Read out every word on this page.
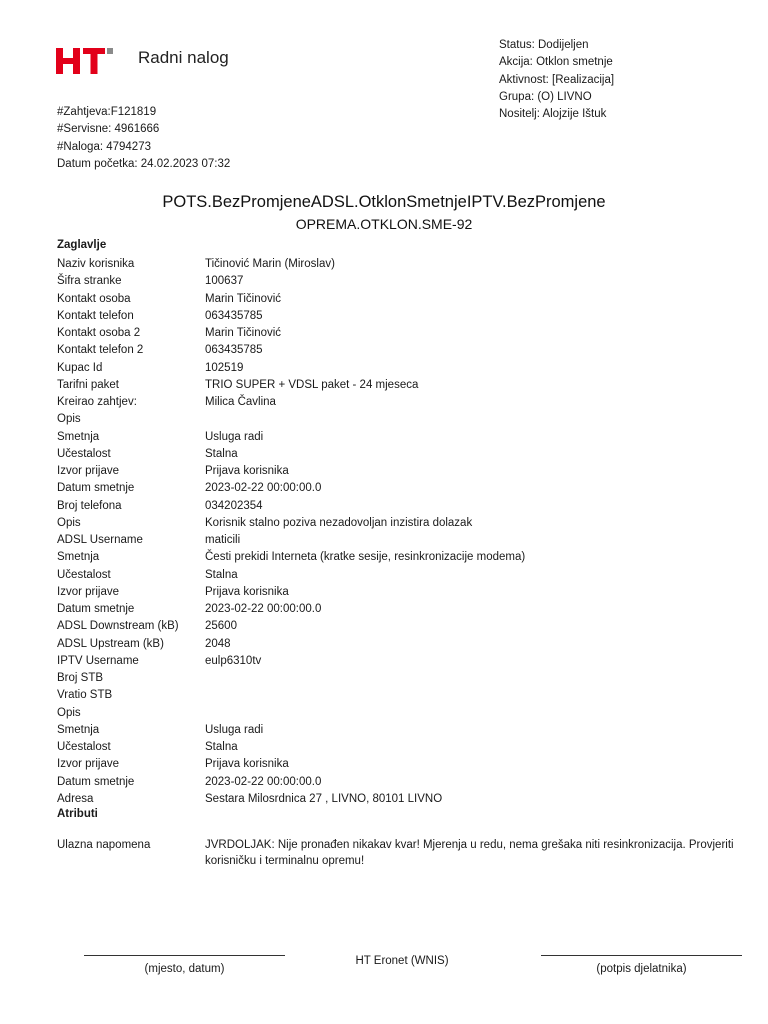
Radni nalog
Status: Dodijeljen
Akcija: Otklon smetnje
Aktivnost: [Realizacija]
Grupa: (O) LIVNO
Nositelj: Alojzije Ištuk
#Zahtjeva:F121819
#Servisne: 4961666
#Naloga: 4794273
Datum početka: 24.02.2023 07:32
POTS.BezPromjeneADSL.OtklonSmetnjeIPTV.BezPromjene
OPREMA.OTKLON.SME-92
Zaglavlje
Naziv korisnika	Tičinović Marin (Miroslav)
Šifra stranke	100637
Kontakt osoba	Marin Tičinović
Kontakt telefon	063435785
Kontakt osoba 2	Marin Tičinović
Kontakt telefon 2	063435785
Kupac Id	102519
Tarifni paket	TRIO SUPER + VDSL paket - 24 mjeseca
Kreirao zahtjev:	Milica Čavlina
Opis
Smetnja	Usluga radi
Učestalost	Stalna
Izvor prijave	Prijava korisnika
Datum smetnje	2023-02-22 00:00:00.0
Broj telefona	034202354
Opis	Korisnik stalno poziva nezadovoljan inzistira dolazak
ADSL Username	maticili
Smetnja	Česti prekidi Interneta (kratke sesije, resinkronizacije modema)
Učestalost	Stalna
Izvor prijave	Prijava korisnika
Datum smetnje	2023-02-22 00:00:00.0
ADSL Downstream (kB)	25600
ADSL Upstream (kB)	2048
IPTV Username	eulp6310tv
Broj STB
Vratio STB
Opis
Smetnja	Usluga radi
Učestalost	Stalna
Izvor prijave	Prijava korisnika
Datum smetnje	2023-02-22 00:00:00.0
Adresa	Sestara Milosrdnica 27 , LIVNO, 80101 LIVNO
Atributi
Ulazna napomena	JVRDOLJAK: Nije pronađen nikakav kvar! Mjerenja u redu, nema grešaka niti resinkronizacija. Provjeriti korisničku i terminalnu opremu!
(mjesto, datum)
HT Eronet (WNIS)
(potpis djelatnika)
